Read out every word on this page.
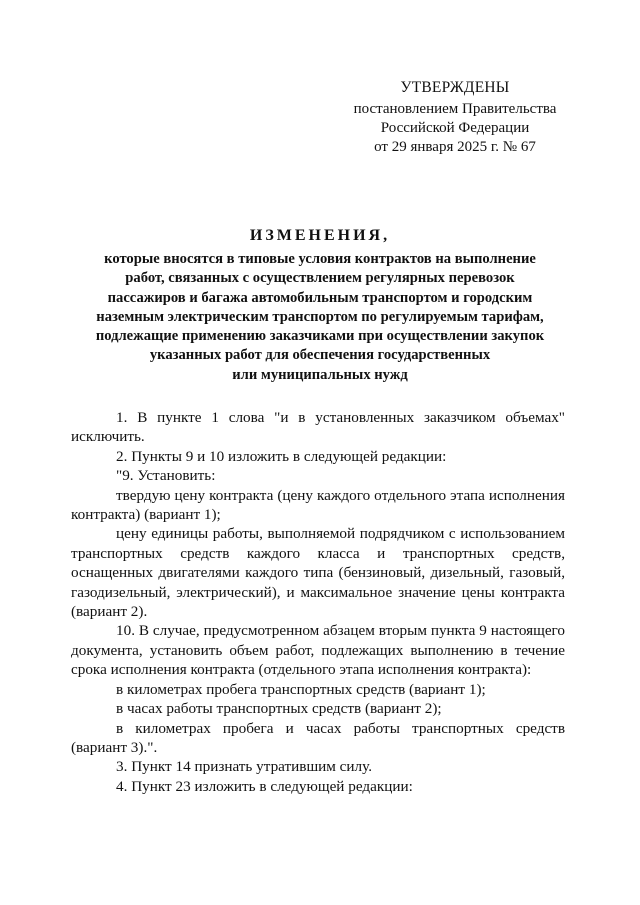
УТВЕРЖДЕНЫ
постановлением Правительства
Российской Федерации
от 29 января 2025 г. № 67
ИЗМЕНЕНИЯ,
которые вносятся в типовые условия контрактов на выполнение
работ, связанных с осуществлением регулярных перевозок
пассажиров и багажа автомобильным транспортом и городским
наземным электрическим транспортом по регулируемым тарифам,
подлежащие применению заказчиками при осуществлении закупок
указанных работ для обеспечения государственных
или муниципальных нужд

1. В пункте 1 слова "и в установленных заказчиком объемах" исключить.

2. Пункты 9 и 10 изложить в следующей редакции:

"9. Установить:

твердую цену контракта (цену каждого отдельного этапа исполнения контракта) (вариант 1);

цену единицы работы, выполняемой подрядчиком с использованием транспортных средств каждого класса и транспортных средств, оснащенных двигателями каждого типа (бензиновый, дизельный, газовый, газодизельный, электрический), и максимальное значение цены контракта (вариант 2).

10. В случае, предусмотренном абзацем вторым пункта 9 настоящего документа, установить объем работ, подлежащих выполнению в течение срока исполнения контракта (отдельного этапа исполнения контракта):

в километрах пробега транспортных средств (вариант 1);

в часах работы транспортных средств (вариант 2);

в километрах пробега и часах работы транспортных средств (вариант 3).".

3. Пункт 14 признать утратившим силу.

4. Пункт 23 изложить в следующей редакции:
